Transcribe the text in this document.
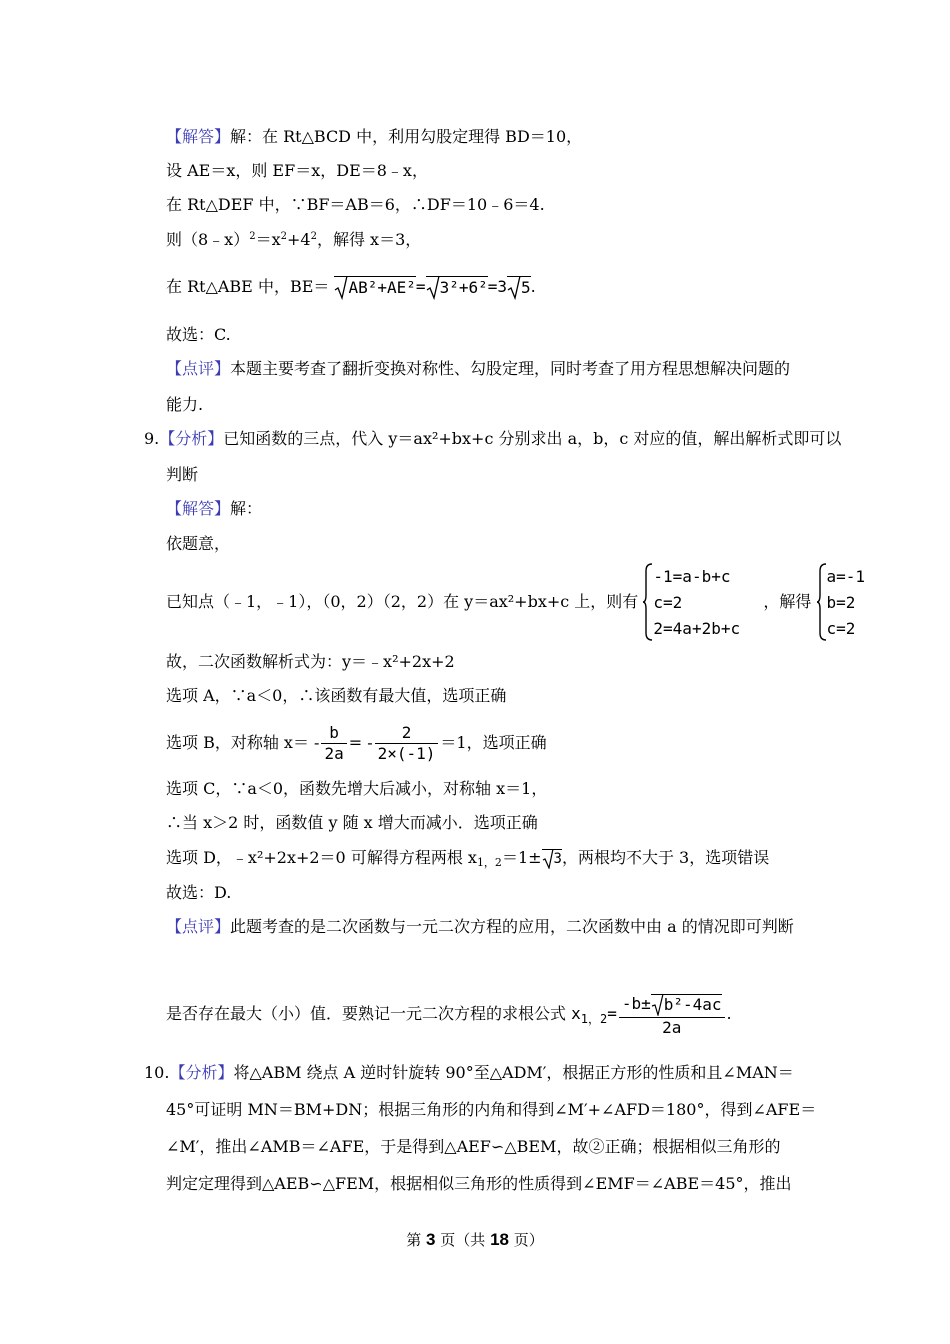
【解答】解：在 Rt△BCD 中，利用勾股定理得 BD＝10，
设 AE＝x，则 EF＝x，DE＝8﹣x，
在 Rt△DEF 中，∵BF＝AB＝6，∴DF＝10﹣6＝4.
则$(8﹣x)^2=x^2+4^2$，解得 x＝3，
在 Rt△ABE 中，BE＝ AB²+AE²= 3²+6²=3 5.
故选：C.
【点评】本题主要考查了翻折变换对称性、勾股定理，同时考查了用方程思想解决问题的
能力.
9.【分析】已知函数的三点，代入 y＝ax²+bx+c 分别求出 a，b，c 对应的值，解出解析式即可以
判断
【解答】解：
依题意，
已知点（﹣1，﹣1），（0，2）（2，2）在 y＝ax²+bx+c 上，则有
-1=a-b+c
c=2
2=4a+2b+c
，解得
a=-1
b=2
c=2
故，二次函数解析式为：y＝﹣x²+2x+2
选项 A，∵a＜0，∴该函数有最大值，选项正确
选项 B，对称轴 $x= - \frac{b}{2a}$ = - $\frac{2}{2\times(-1)} =1$，选项正确
选项 C，∵a＜0，函数先增大后减小，对称轴 x＝1，
∴当 x＞2 时，函数值 y 随 x 增大而减小．选项正确
选项 D，﹣x²+2x+2＝0 可解得方程两根 x1，2＝1± 3，两根均不大于 3，选项错误
故选：D.
【点评】此题考查的是二次函数与一元二次方程的应用，二次函数中由 a 的情况即可判断
是否存在最大（小）值．要熟记一元二次方程的求根公式 $x_{1,2}= \frac{\text{-b± b²-4ac}}{2a}$ .
10.【分析】将△ABM 绕点 A 逆时针旋转 90°至△ADM′，根据正方形的性质和且∠MAN＝
45°可证明 MN＝BM+DN；根据三角形的内角和得到∠M′+∠AFD＝180°，得到∠AFE＝
∠M′，推出∠AMB＝∠AFE，于是得到△AEF∽△BEM，故②正确；根据相似三角形的
判定定理得到△AEB∽△FEM，根据相似三角形的性质得到∠EMF＝∠ABE＝45°，推出
第 3 页（共 18 页）
